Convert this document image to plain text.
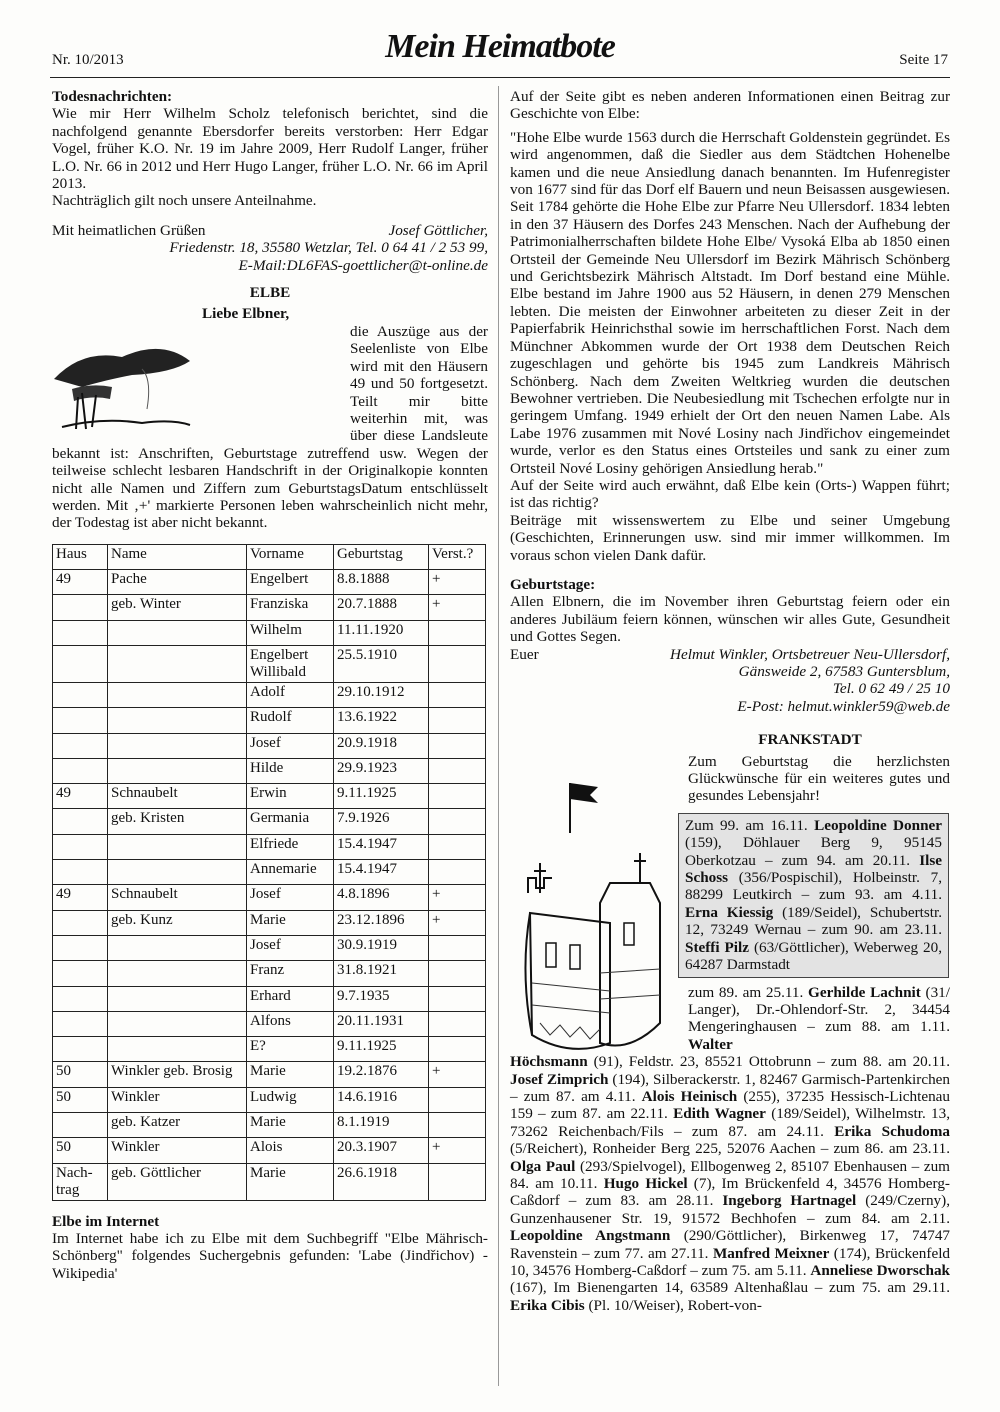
Nr. 10/2013	Mein Heimatbote	Seite 17

Todesnachrichten:

Wie mir Herr Wilhelm Scholz telefonisch berichtet, sind die nachfolgend genannte Ebersdorfer bereits verstorben: Herr Edgar Vogel, früher K.O. Nr. 19 im Jahre 2009, Herr Rudolf Langer, früher L.O. Nr. 66 in 2012 und Herr Hugo Langer, früher L.O. Nr. 66 im April 2013.

Nachträglich gilt noch unsere Anteilnahme.

Mit heimatlichen Grüßen	Josef Göttlicher,

Friedenstr. 18, 35580 Wetzlar, Tel. 0 64 41 / 2 53 99,

E-Mail:DL6FAS-goettlicher@t-online.de

ELBE

Liebe Elbner,

die Auszüge aus der Seelenliste von Elbe wird mit den Häusern 49 und 50 fortgesetzt. Teilt mir bitte weiterhin mit, was über diese Landsleute bekannt ist: Anschriften, Geburtstage zutreffend usw. Wegen der teilweise schlecht lesbaren Handschrift in der Originalkopie konnten nicht alle Namen und Ziffern zum GeburtstagsDatum entschlüsselt werden. Mit ‚+' markierte Personen leben wahrscheinlich nicht mehr, der Todestag ist aber nicht bekannt.

Haus	Name	Vorname	Geburtstag	Verst.?
49	Pache	Engelbert	8.8.1888	+
	geb. Winter	Franziska	20.7.1888	+
		Wilhelm	11.11.1920	
		Engelbert Willibald	25.5.1910	
		Adolf	29.10.1912	
		Rudolf	13.6.1922	
		Josef	20.9.1918	
		Hilde	29.9.1923	
49	Schnaubelt	Erwin	9.11.1925	
	geb. Kristen	Germania	7.9.1926	
		Elfriede	15.4.1947	
		Annemarie	15.4.1947	
49	Schnaubelt	Josef	4.8.1896	+
	geb. Kunz	Marie	23.12.1896	+
		Josef	30.9.1919	
		Franz	31.8.1921	
		Erhard	9.7.1935	
		Alfons	20.11.1931	
		E?	9.11.1925	
50	Winkler geb. Brosig	Marie	19.2.1876	+
50	Winkler	Ludwig	14.6.1916	
	geb. Katzer	Marie	8.1.1919	
50	Winkler	Alois	20.3.1907	+
Nach-trag	geb. Göttlicher	Marie	26.6.1918	

Elbe im Internet

Im Internet habe ich zu Elbe mit dem Suchbegriff "Elbe Mährisch-Schönberg" folgendes Suchergebnis gefunden: 'Labe (Jindřichov) -Wikipedia'

Auf der Seite gibt es neben anderen Informationen einen Beitrag zur Geschichte von Elbe:

"Hohe Elbe wurde 1563 durch die Herrschaft Goldenstein gegründet. Es wird angenommen, daß die Siedler aus dem Städtchen Hohenelbe kamen und die neue Ansiedlung danach benannten. Im Hufenregister von 1677 sind für das Dorf elf Bauern und neun Beisassen ausgewiesen. Seit 1784 gehörte die Hohe Elbe zur Pfarre Neu Ullersdorf. 1834 lebten in den 37 Häusern des Dorfes 243 Menschen. Nach der Aufhebung der Patrimonialherrschaften bildete Hohe Elbe/ Vysoká Elba ab 1850 einen Ortsteil der Gemeinde Neu Ullersdorf im Bezirk Mährisch Schönberg und Gerichtsbezirk Mährisch Altstadt. Im Dorf bestand eine Mühle. Elbe bestand im Jahre 1900 aus 52 Häusern, in denen 279 Menschen lebten. Die meisten der Einwohner arbeiteten zu dieser Zeit in der Papierfabrik Heinrichsthal sowie im herrschaftlichen Forst. Nach dem Münchner Abkommen wurde der Ort 1938 dem Deutschen Reich zugeschlagen und gehörte bis 1945 zum Landkreis Mährisch Schönberg. Nach dem Zweiten Weltkrieg wurden die deutschen Bewohner vertrieben. Die Neubesiedlung mit Tschechen erfolgte nur in geringem Umfang. 1949 erhielt der Ort den neuen Namen Labe. Als Labe 1976 zusammen mit Nové Losiny nach Jindřichov eingemeindet wurde, verlor es den Status eines Ortsteiles und sank zu einer zum Ortsteil Nové Losiny gehörigen Ansiedlung herab."

Auf der Seite wird auch erwähnt, daß Elbe kein (Orts-) Wappen führt; ist das richtig?

Beiträge mit wissenswertem zu Elbe und seiner Umgebung (Geschichten, Erinnerungen usw. sind mir immer willkommen. Im voraus schon vielen Dank dafür.

Geburtstage:

Allen Elbnern, die im November ihren Geburtstag feiern oder ein anderes Jubiläum feiern können, wünschen wir alles Gute, Gesundheit und Gottes Segen.

Euer	Helmut Winkler, Ortsbetreuer Neu-Ullersdorf,

Gänsweide 2, 67583 Guntersblum,

Tel. 0 62 49 / 25 10

E-Post: helmut.winkler59@web.de

FRANKSTADT

Zum Geburtstag die herzlichsten Glückwünsche für ein weiteres gutes und gesundes Lebensjahr!

Zum 99. am 16.11. Leopoldine Donner (159), Döhlauer Berg 9, 95145 Oberkotzau – zum 94. am 20.11. Ilse Schoss (356/Pospischil), Holbeinstr. 7, 88299 Leutkirch – zum 93. am 4.11. Erna Kiessig (189/Seidel), Schubertstr. 12, 73249 Wernau – zum 90. am 23.11. Steffi Pilz (63/Göttlicher), Weberweg 20, 64287 Darmstadt

zum 89. am 25.11. Gerhilde Lachnit (31/ Langer), Dr.-Ohlendorf-Str. 2, 34454 Mengeringhausen – zum 88. am 1.11. Walter

Höchsmann (91), Feldstr. 23, 85521 Ottobrunn – zum 88. am 20.11. Josef Zimprich (194), Silberackerstr. 1, 82467 Garmisch-Partenkirchen – zum 87. am 4.11. Alois Heinisch (255), 37235 Hessisch-Lichtenau 159 – zum 87. am 22.11. Edith Wagner (189/Seidel), Wilhelmstr. 13, 73262 Reichenbach/Fils – zum 87. am 24.11. Erika Schudoma (5/Reichert), Ronheider Berg 225, 52076 Aachen – zum 86. am 23.11. Olga Paul (293/Spielvogel), Ellbogenweg 2, 85107 Ebenhausen – zum 84. am 10.11. Hugo Hickel (7), Im Brückenfeld 4, 34576 Homberg-Caßdorf – zum 83. am 28.11. Ingeborg Hartnagel (249/Czerny), Gunzenhausener Str. 19, 91572 Bechhofen – zum 84. am 2.11. Leopoldine Angstmann (290/Göttlicher), Birkenweg 17, 74747 Ravenstein – zum 77. am 27.11. Manfred Meixner (174), Brückenfeld 10, 34576 Homberg-Caßdorf – zum 75. am 5.11. Anneliese Dworschak (167), Im Bienengarten 14, 63589 Altenhaßlau – zum 75. am 29.11. Erika Cibis (Pl. 10/Weiser), Robert-von-
